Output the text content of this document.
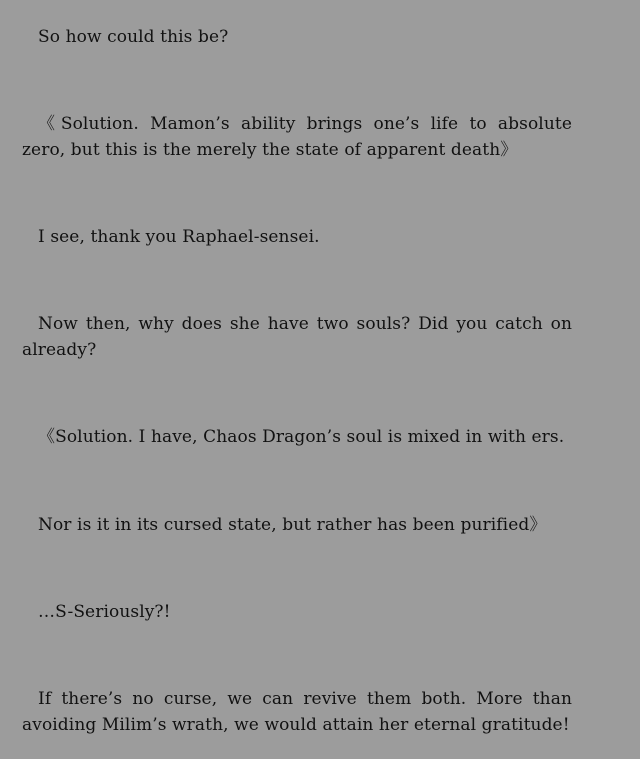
So how could this be?

《Solution. Mamon’s ability brings one’s life to absolute zero, but this is the merely the state of apparent death》

I see, thank you Raphael-sensei.

Now then, why does she have two souls? Did you catch on already?

《Solution. I have, Chaos Dragon’s soul is mixed in with ers.

Nor is it in its cursed state, but rather has been purified》

…S-Seriously?!

If there’s no curse, we can revive them both. More than avoiding Milim’s wrath, we would attain her eternal gratitude!
